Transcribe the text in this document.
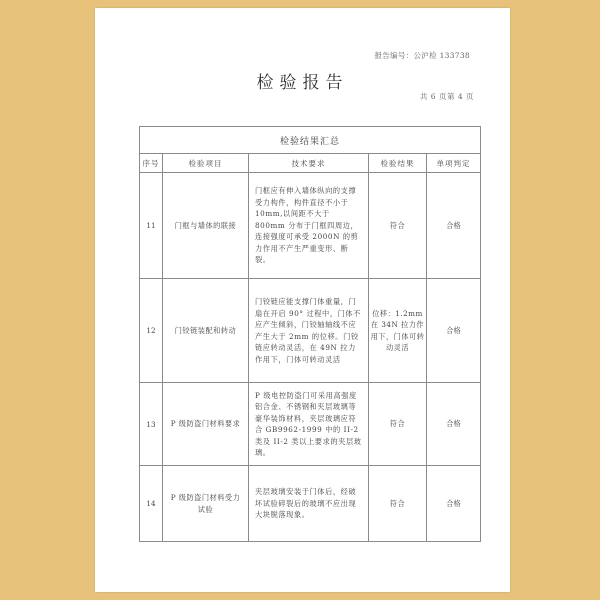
报告编号：公沪检 133738
检验报告
共 6 页第 4 页
检验结果汇总				
序号	检验项目	技术要求	检验结果	单项判定
11	门框与墙体的联接	门框应有伸入墙体纵向的支撑受力构件，构件直径不小于 10mm,以间距不大于 800mm 分布于门框四周边，连接强度可承受 2000N 的剪力作用不产生严重变形、断裂。	符合	合格
12	门铰链装配和转动	门铰链应能支撑门体重量，门扇在开启 90° 过程中，门体不应产生倾斜，门铰轴轴线不应产生大于 2mm 的位移。门铰链应转动灵活，在 49N 拉力作用下，门体可转动灵活	位移：1.2mm 在 34N 拉力作用下，门体可转动灵活	合格
13	P 级防盗门材料要求	P 级电控防盗门可采用高强度铝合金、不锈钢和夹层玻璃等豪华装饰材料，夹层玻璃应符合 GB9962-1999 中的 II-2 类及 II-2 类以上要求的夹层玻璃。	符合	合格
14	P 级防盗门材料受力试验	夹层玻璃安装于门体后，经破坏试验碎裂后的玻璃不应出现大块脱落现象。	符合	合格
